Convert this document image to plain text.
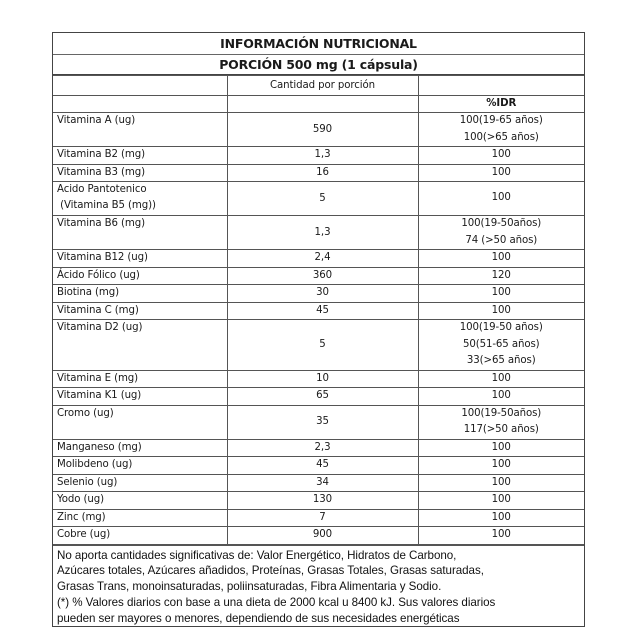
INFORMACIÓN NUTRICIONAL
PORCIÓN 500 mg (1 cápsula)
	Cantidad por porción	
		%IDR

Vitamina A (ug)	590	100(19-65 años)
100(>65 años)

Vitamina B2 (mg)	1,3	100

Vitamina B3 (mg)	16	100

Acido Pantotenico
(Vitamina B5 (mg))	5	100

Vitamina B6 (mg)	1,3	100(19-50años)
74 (>50 años)

Vitamina B12 (ug)	2,4	100

Ácido Fólico (ug)	360	120

Biotina (mg)	30	100

Vitamina C (mg)	45	100

Vitamina D2 (ug)	5	100(19-50 años)
50(51-65 años)
33(>65 años)

Vitamina E (mg)	10	100

Vitamina K1 (ug)	65	100

Cromo (ug)	35	100(19-50años)
117(>50 años)

Manganeso (mg)	2,3	100

Molibdeno (ug)	45	100

Selenio (ug)	34	100

Yodo (ug)	130	100

Zinc (mg)	7	100

Cobre (ug)	900	100
No aporta cantidades significativas de: Valor Energético, Hidratos de Carbono,
Azúcares totales, Azúcares añadidos, Proteínas, Grasas Totales, Grasas saturadas,
Grasas Trans, monoinsaturadas, poliinsaturadas, Fibra Alimentaria y Sodio.
(*) % Valores diarios con base a una dieta de 2000 kcal u 8400 kJ. Sus valores diarios
pueden ser mayores o menores, dependiendo de sus necesidades energéticas
